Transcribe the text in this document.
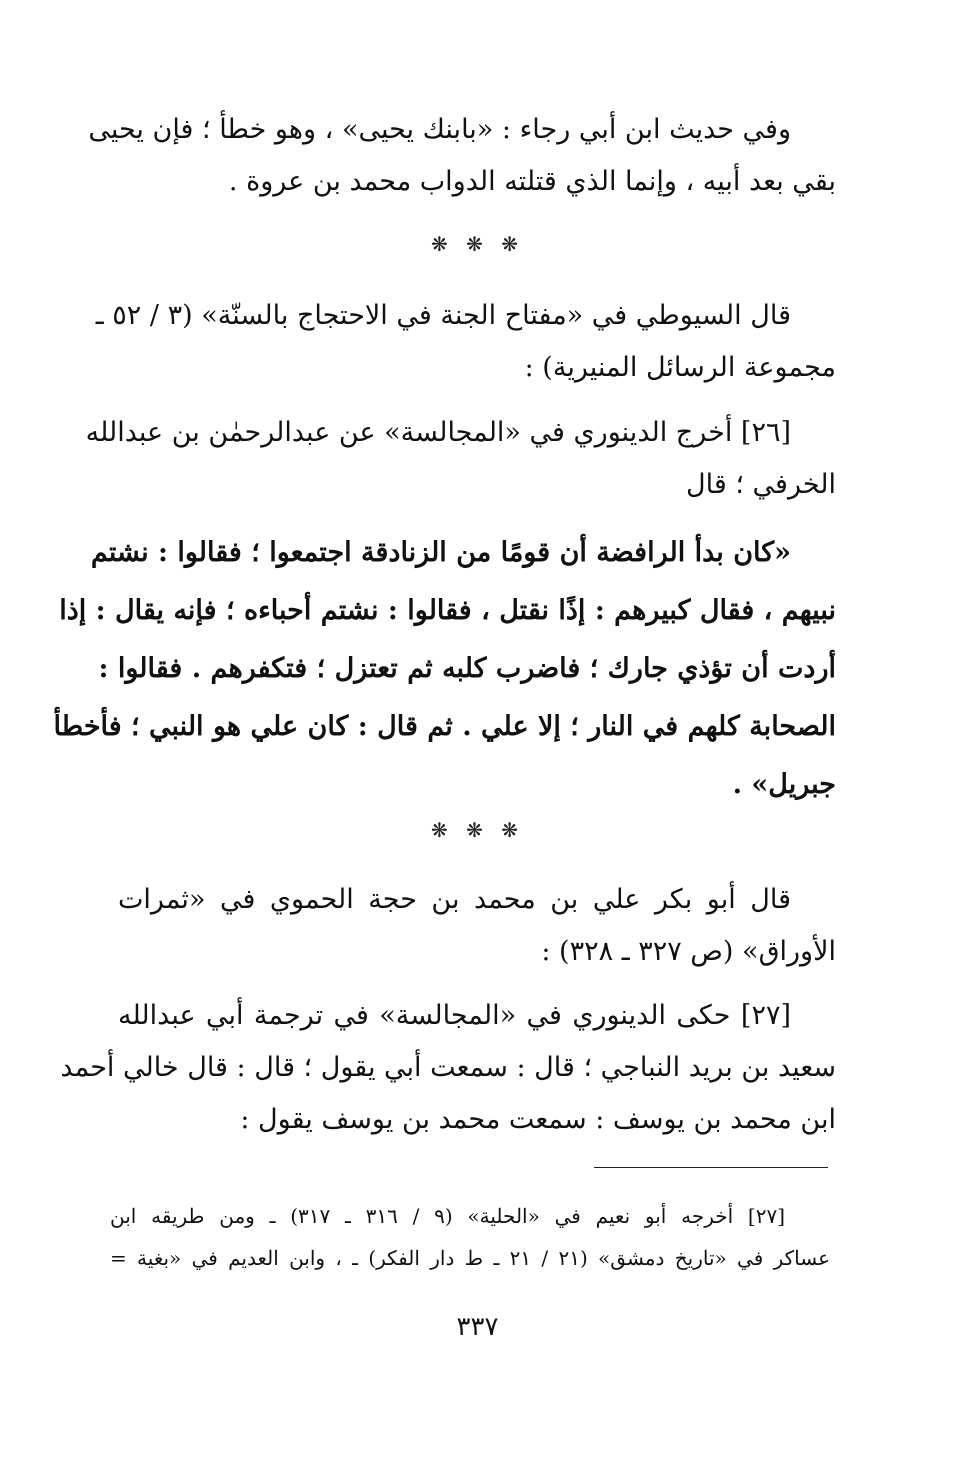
وفي حديث ابن أبي رجاء : «بابنك يحيى» ، وهو خطأ ؛ فإن يحيى
بقي بعد أبيه ، وإنما الذي قتلته الدواب محمد بن عروة .
❋ ❋ ❋
قال السيوطي في «مفتاح الجنة في الاحتجاج بالسنّة» (٣ / ٥٢ ـ
مجموعة الرسائل المنيرية) :
[٢٦] أخرج الدينوري في «المجالسة» عن عبدالرحمٰن بن عبدالله
الخرفي ؛ قال
«كان بدأ الرافضة أن قومًا من الزنادقة اجتمعوا ؛ فقالوا : نشتم
نبيهم ، فقال كبيرهم : إذًا نقتل ، فقالوا : نشتم أحباءه ؛ فإنه يقال : إذا
أردت أن تؤذي جارك ؛ فاضرب كلبه ثم تعتزل ؛ فتكفرهم . فقالوا :
الصحابة كلهم في النار ؛ إلا علي . ثم قال : كان علي هو النبي ؛ فأخطأ
جبريل» .
❋ ❋ ❋
قال أبو بكر علي بن محمد بن حجة الحموي في «ثمرات
الأوراق» (ص ٣٢٧ ـ ٣٢٨) :
[٢٧] حكى الدينوري في «المجالسة» في ترجمة أبي عبدالله
سعيد بن بريد النباجي ؛ قال : سمعت أبي يقول ؛ قال : قال خالي أحمد
ابن محمد بن يوسف : سمعت محمد بن يوسف يقول :
[٢٧] أخرجه أبو نعيم في «الحلية» (٩ / ٣١٦ ـ ٣١٧) ـ ومن طريقه ابن
عساكر في «تاريخ دمشق» (٢١ / ٢١ ـ ط دار الفكر) ـ ، وابن العديم في «بغية =
٣٣٧
